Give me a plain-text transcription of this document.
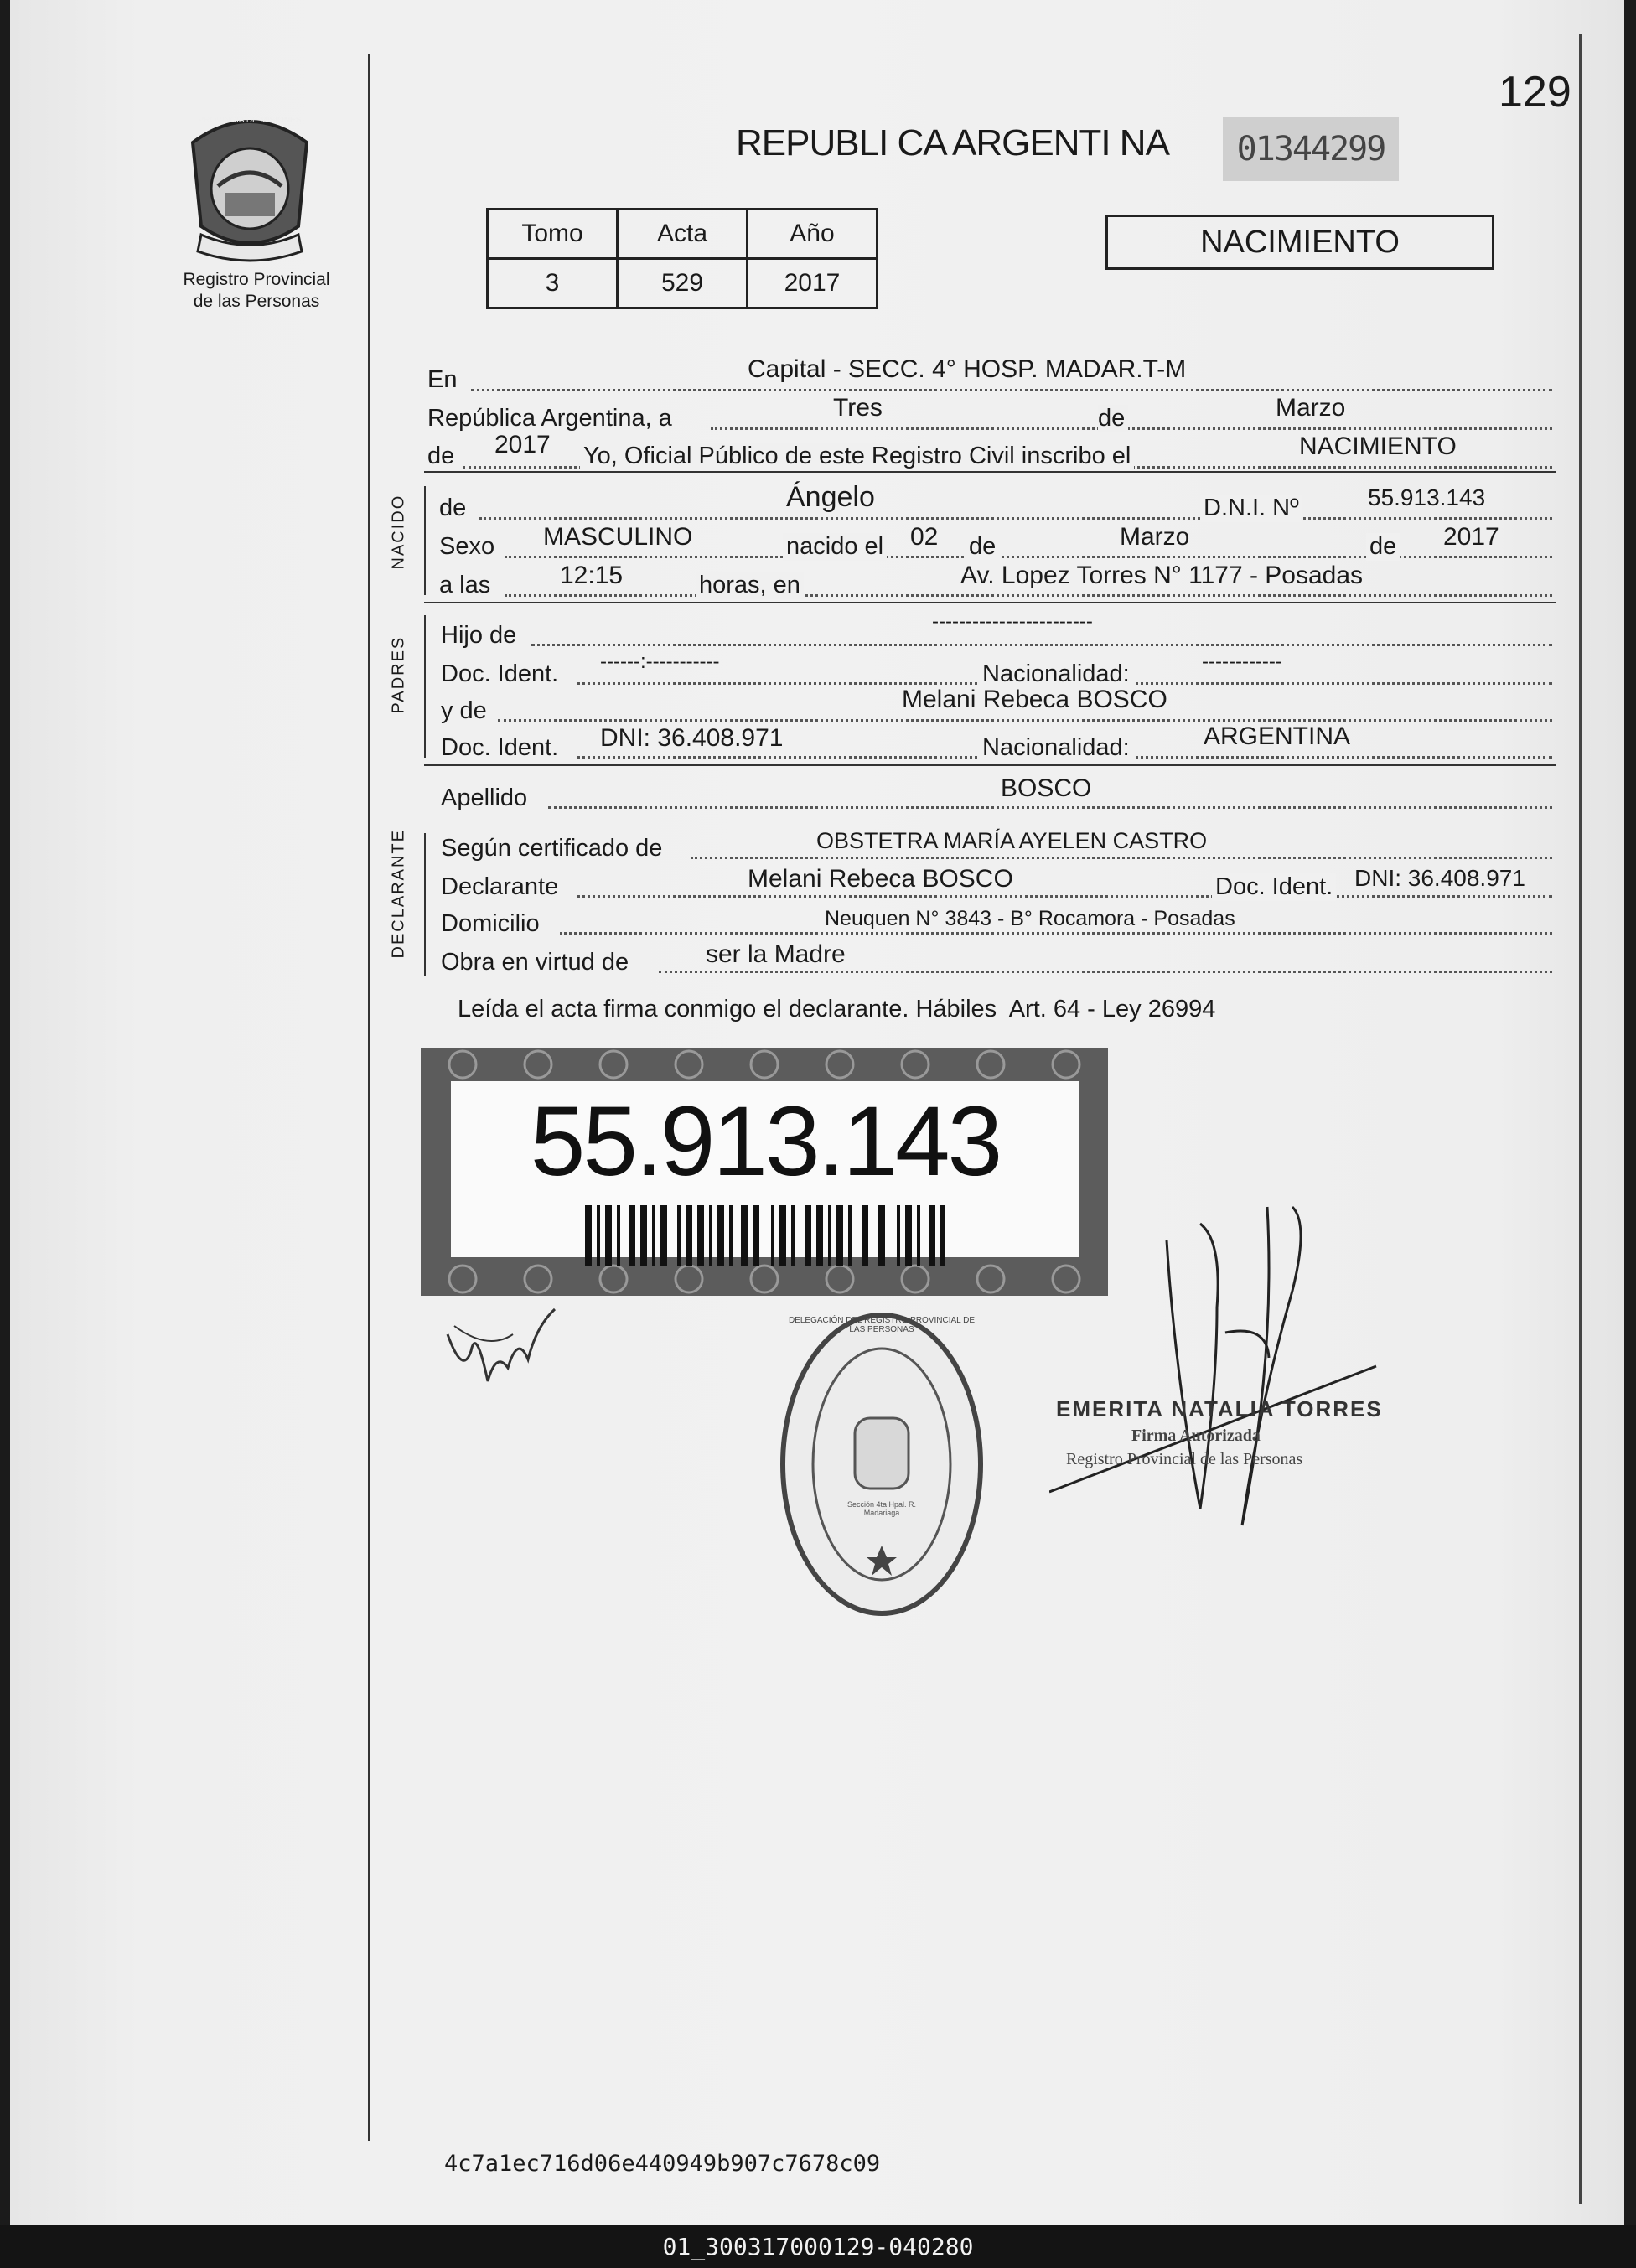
129
PROVINCIA DE MISIONES
Registro Provincial
de las Personas
REPUBLI CA ARGENTI NA	01344299
Tomo	Acta	Año
3	529	2017
NACIMIENTO
En	Capital - SECC. 4° HOSP. MADAR.T-M
República Argentina, a	Tres	de	Marzo
de 2017 Yo, Oficial Público de este Registro Civil inscribo el	NACIMIENTO
NACIDO de	Ángelo	D.N.I. Nº	55.913.143
Sexo MASCULINO	nacido el 02 de	Marzo	de 2017
a las	12:15	horas, en	Av. Lopez Torres N° 1177 - Posadas
PADRES
Hijo de
------------------------
Doc. Ident. ------:-----------	Nacionalidad:	------------
y de	Melani Rebeca BOSCO
Doc. Ident. DNI: 36.408.971	Nacionalidad:	ARGENTINA
Apellido	BOSCO
DECLARANTE Según certificado de	OBSTETRA MARÍA AYELEN CASTRO
Declarante	Melani Rebeca BOSCO	Doc. Ident. DNI: 36.408.971
Domicilio	Neuquen N° 3843 - B° Rocamora - Posadas
Obra en virtud de	ser la Madre
Leída el acta firma conmigo el declarante. Hábiles  Art. 64 - Ley 26994
55.913.143
DELEGACIÓN DEL REGISTRO PROVINCIAL DE LAS PERSONAS
Sección 4ta Hpal. R. Madariaga
EMERITA NATALIA TORRES
Firma Autorizada
Registro Provincial de las Personas
4c7a1ec716d06e440949b907c7678c09
01_300317000129-040280
